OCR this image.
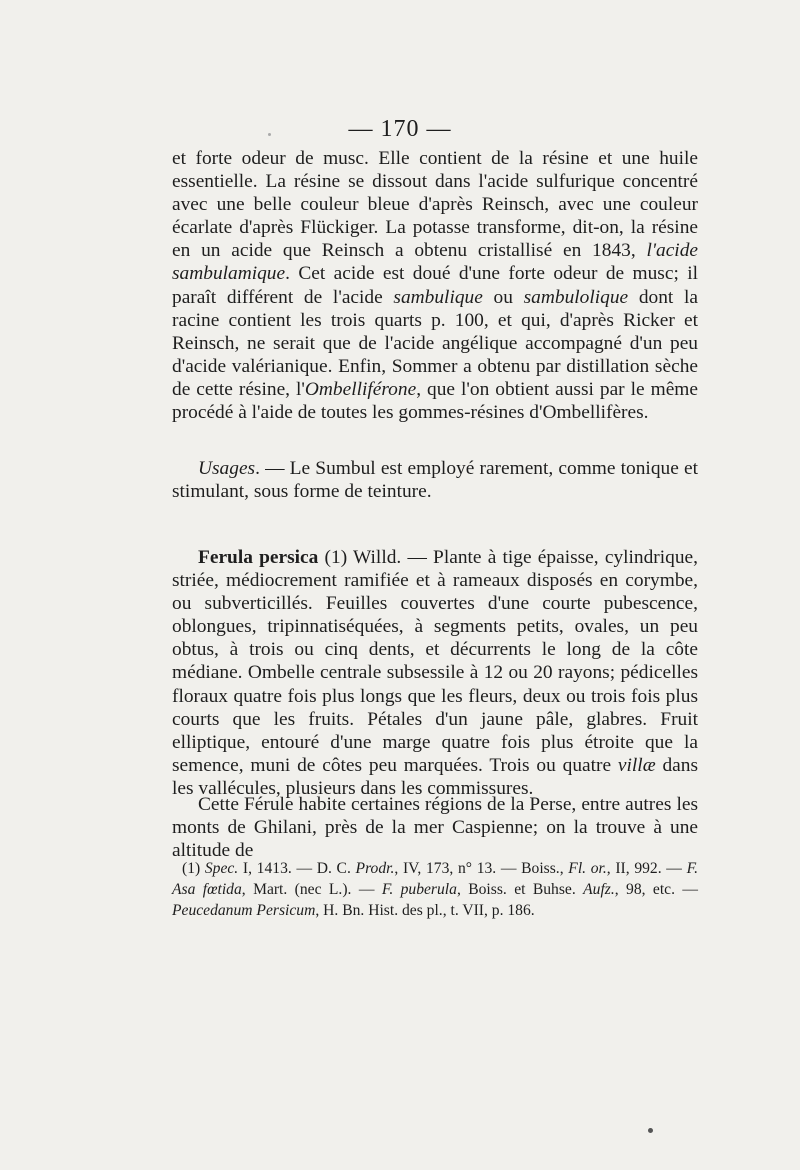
— 170 —

et forte odeur de musc. Elle contient de la résine et une huile essentielle. La résine se dissout dans l'acide sulfurique concentré avec une belle couleur bleue d'après Reinsch, avec une couleur écarlate d'après Flückiger. La potasse transforme, dit-on, la résine en un acide que Reinsch a obtenu cristallisé en 1843, l'acide sambulamique. Cet acide est doué d'une forte odeur de musc; il paraît différent de l'acide sambulique ou sambulolique dont la racine contient les trois quarts p. 100, et qui, d'après Ricker et Reinsch, ne serait que de l'acide angélique accompagné d'un peu d'acide valérianique. Enfin, Sommer a obtenu par distillation sèche de cette résine, l'Ombelliférone, que l'on obtient aussi par le même procédé à l'aide de toutes les gommes-résines d'Ombellifères.

Usages. — Le Sumbul est employé rarement, comme tonique et stimulant, sous forme de teinture.

Ferula persica (1) Willd. — Plante à tige épaisse, cylindrique, striée, médiocrement ramifiée et à rameaux disposés en corymbe, ou subverticillés. Feuilles couvertes d'une courte pubescence, oblongues, tripinnatiséquées, à segments petits, ovales, un peu obtus, à trois ou cinq dents, et décurrents le long de la côte médiane. Ombelle centrale subsessile à 12 ou 20 rayons; pédicelles floraux quatre fois plus longs que les fleurs, deux ou trois fois plus courts que les fruits. Pétales d'un jaune pâle, glabres. Fruit elliptique, entouré d'une marge quatre fois plus étroite que la semence, muni de côtes peu marquées. Trois ou quatre villæ dans les vallécules, plusieurs dans les commissures.

Cette Férule habite certaines régions de la Perse, entre autres les monts de Ghilani, près de la mer Caspienne; on la trouve à une altitude de

(1) Spec. I, 1413. — D. C. Prodr., IV, 173, n° 13. — Boiss., Fl. or., II, 992. — F. Asa fœtida, Mart. (nec L.). — F. puberula, Boiss. et Buhse. Aufz., 98, etc. — Peucedanum Persicum, H. Bn. Hist. des pl., t. VII, p. 186.
